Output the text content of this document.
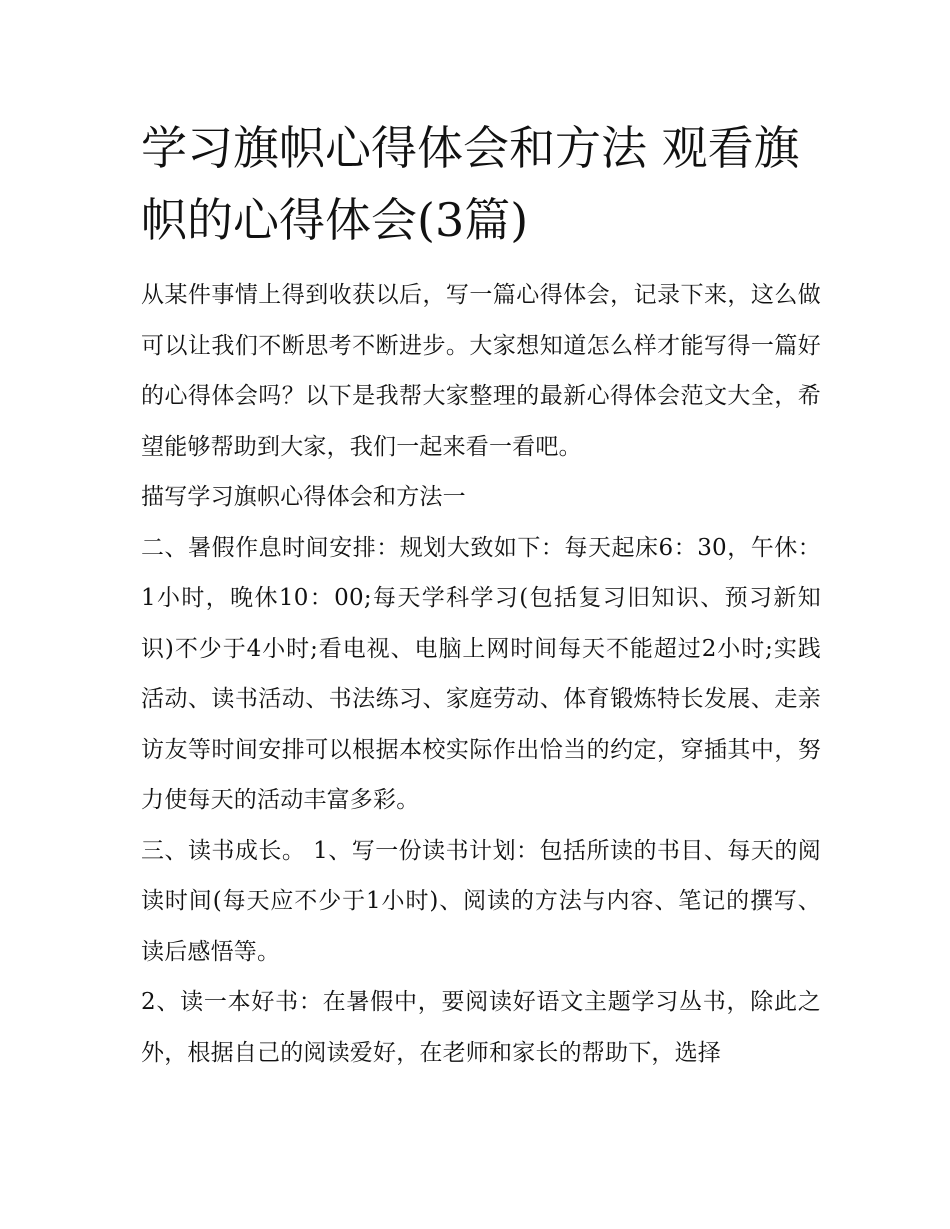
学习旗帜心得体会和方法 观看旗帜的心得体会(3篇)

从某件事情上得到收获以后，写一篇心得体会，记录下来，这么做可以让我们不断思考不断进步。大家想知道怎么样才能写得一篇好的心得体会吗？以下是我帮大家整理的最新心得体会范文大全，希望能够帮助到大家，我们一起来看一看吧。

描写学习旗帜心得体会和方法一

二、暑假作息时间安排：规划大致如下：每天起床6：30，午休：1小时，晚休10：00;每天学科学习(包括复习旧知识、预习新知识)不少于4小时;看电视、电脑上网时间每天不能超过2小时;实践活动、读书活动、书法练习、家庭劳动、体育锻炼特长发展、走亲访友等时间安排可以根据本校实际作出恰当的约定，穿插其中，努力使每天的活动丰富多彩。

三、读书成长。 1、写一份读书计划：包括所读的书目、每天的阅读时间(每天应不少于1小时)、阅读的方法与内容、笔记的撰写、读后感悟等。

2、读一本好书：在暑假中，要阅读好语文主题学习丛书，除此之外，根据自己的阅读爱好，在老师和家长的帮助下，选择
